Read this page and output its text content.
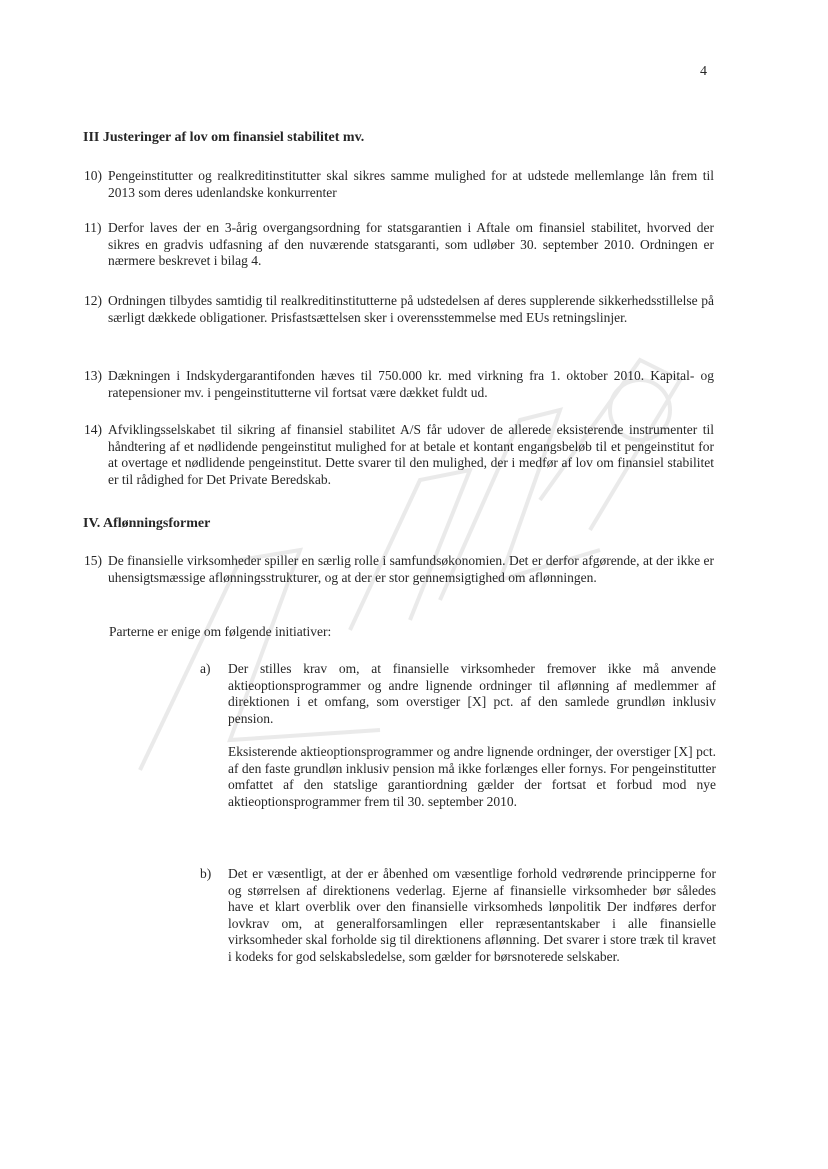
4
III Justeringer af lov om finansiel stabilitet mv.
10) Pengeinstitutter og realkreditinstitutter skal sikres samme mulighed for at udstede mellemlange lån frem til 2013 som deres udenlandske konkurrenter
11) Derfor laves der en 3-årig overgangsordning for statsgarantien i Aftale om finansiel stabilitet, hvorved der sikres en gradvis udfasning af den nuværende statsgaranti, som udløber 30. september 2010. Ordningen er nærmere beskrevet i bilag 4.
12) Ordningen tilbydes samtidig til realkreditinstitutterne på udstedelsen af deres supplerende sikkerhedsstillelse på særligt dækkede obligationer. Prisfastsættelsen sker i overensstemmelse med EUs retningslinjer.
13) Dækningen i Indskydergarantifonden hæves til 750.000 kr. med virkning fra 1. oktober 2010. Kapital- og ratepensioner mv. i pengeinstitutterne vil fortsat være dækket fuldt ud.
14) Afviklingsselskabet til sikring af finansiel stabilitet A/S får udover de allerede eksisterende instrumenter til håndtering af et nødlidende pengeinstitut mulighed for at betale et kontant engangsbeløb til et pengeinstitut for at overtage et nødlidende pengeinstitut. Dette svarer til den mulighed, der i medfør af lov om finansiel stabilitet er til rådighed for Det Private Beredskab.
IV. Aflønningsformer
15) De finansielle virksomheder spiller en særlig rolle i samfundsøkonomien. Det er derfor afgørende, at der ikke er uhensigtsmæssige aflønningsstrukturer, og at der er stor gennemsigtighed om aflønningen.
Parterne er enige om følgende initiativer:
a) Der stilles krav om, at finansielle virksomheder fremover ikke må anvende aktieoptionsprogrammer og andre lignende ordninger til aflønning af medlemmer af direktionen i et omfang, som overstiger [X] pct. af den samlede grundløn inklusiv pension.
Eksisterende aktieoptionsprogrammer og andre lignende ordninger, der overstiger [X] pct. af den faste grundløn inklusiv pension må ikke forlænges eller fornys. For pengeinstitutter omfattet af den statslige garantiordning gælder der fortsat et forbud mod nye aktieoptionsprogrammer frem til 30. september 2010.
b) Det er væsentligt, at der er åbenhed om væsentlige forhold vedrørende principperne for og størrelsen af direktionens vederlag. Ejerne af finansielle virksomheder bør således have et klart overblik over den finansielle virksomheds lønpolitik Der indføres derfor lovkrav om, at generalforsamlingen eller repræsentantskaber i alle finansielle virksomheder skal forholde sig til direktionens aflønning. Det svarer i store træk til kravet i kodeks for god selskabsledelse, som gælder for børsnoterede selskaber.
